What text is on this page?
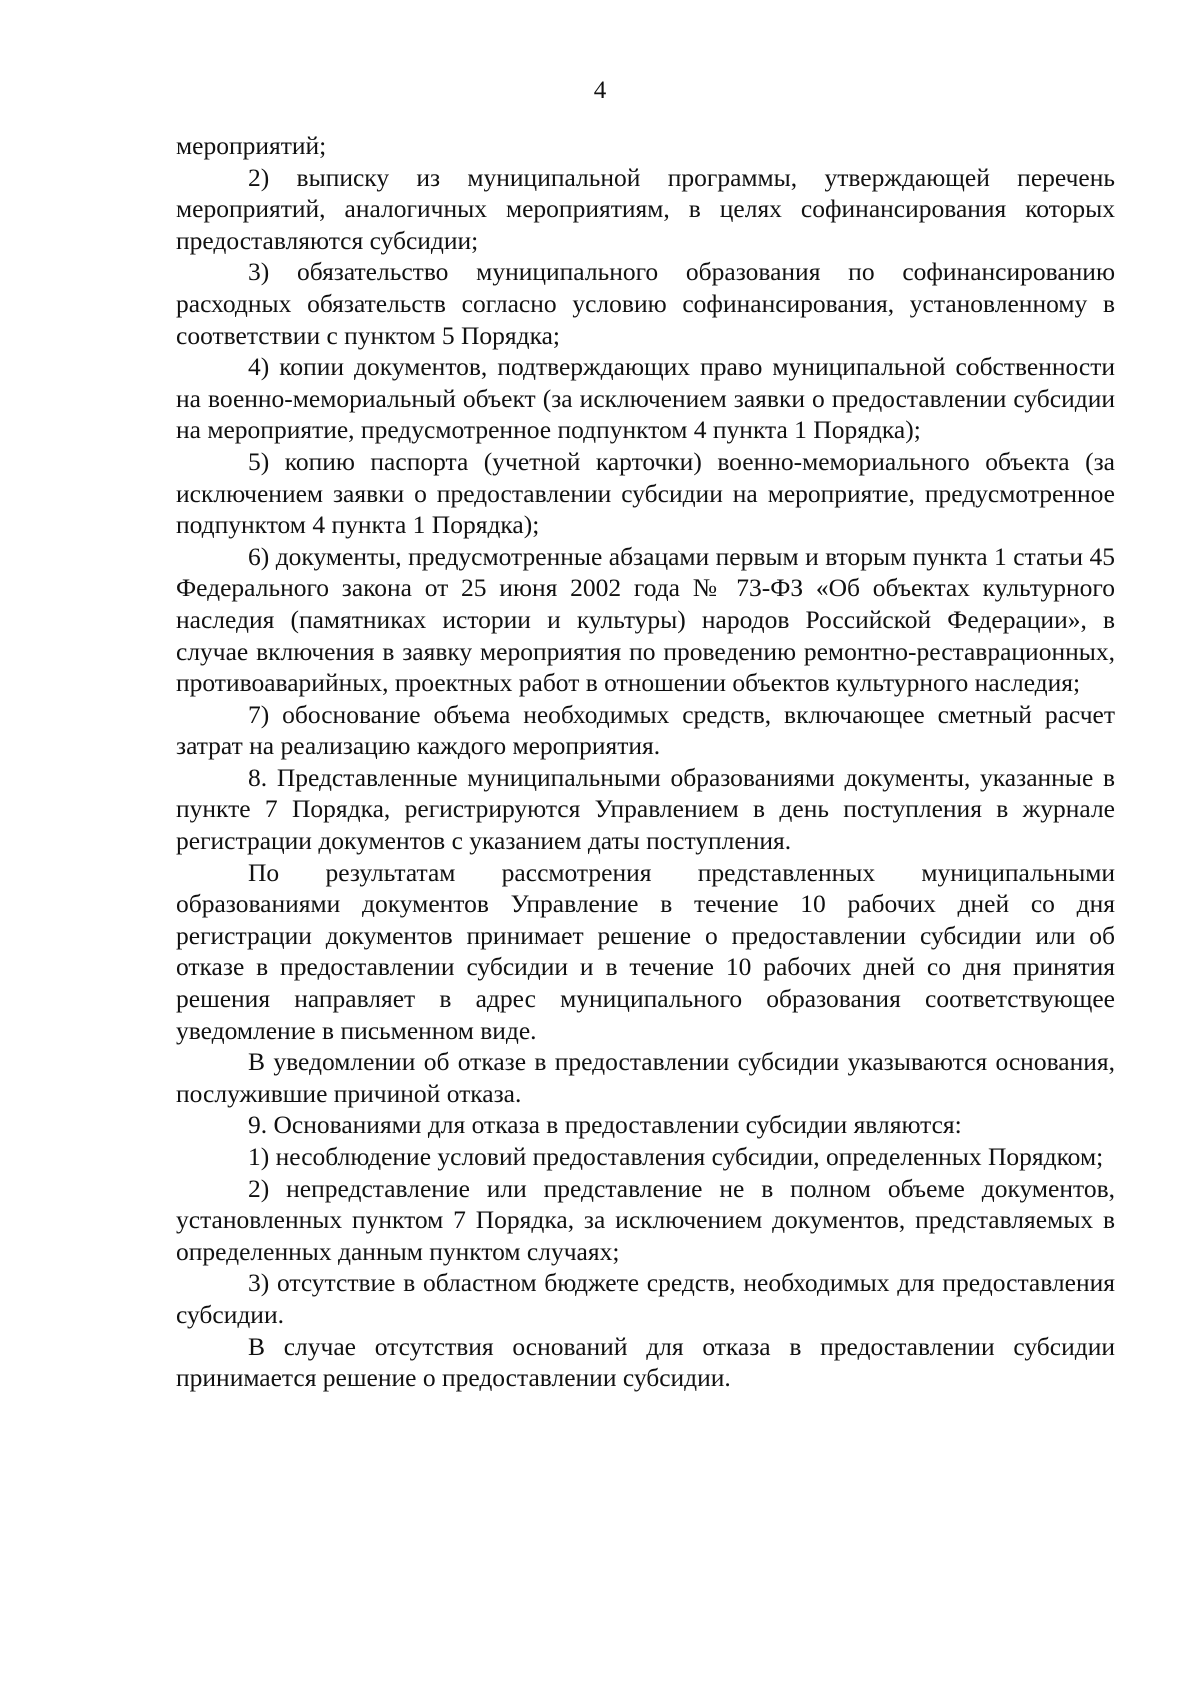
4

мероприятий;

2) выписку из муниципальной программы, утверждающей перечень мероприятий, аналогичных мероприятиям, в целях софинансирования которых предоставляются субсидии;

3) обязательство муниципального образования по софинансированию расходных обязательств согласно условию софинансирования, установленному в соответствии с пунктом 5 Порядка;

4) копии документов, подтверждающих право муниципальной собственности на военно-мемориальный объект (за исключением заявки о предоставлении субсидии на мероприятие, предусмотренное подпунктом 4 пункта 1 Порядка);

5) копию паспорта (учетной карточки) военно-мемориального объекта (за исключением заявки о предоставлении субсидии на мероприятие, предусмотренное подпунктом 4 пункта 1 Порядка);

6) документы, предусмотренные абзацами первым и вторым пункта 1 статьи 45 Федерального закона от 25 июня 2002 года № 73-ФЗ «Об объектах культурного наследия (памятниках истории и культуры) народов Российской Федерации», в случае включения в заявку мероприятия по проведению ремонтно-реставрационных, противоаварийных, проектных работ в отношении объектов культурного наследия;

7) обоснование объема необходимых средств, включающее сметный расчет затрат на реализацию каждого мероприятия.

8. Представленные муниципальными образованиями документы, указанные в пункте 7 Порядка, регистрируются Управлением в день поступления в журнале регистрации документов с указанием даты поступления.

По результатам рассмотрения представленных муниципальными образованиями документов Управление в течение 10 рабочих дней со дня регистрации документов принимает решение о предоставлении субсидии или об отказе в предоставлении субсидии и в течение 10 рабочих дней со дня принятия решения направляет в адрес муниципального образования соответствующее уведомление в письменном виде.

В уведомлении об отказе в предоставлении субсидии указываются основания, послужившие причиной отказа.

9. Основаниями для отказа в предоставлении субсидии являются:

1) несоблюдение условий предоставления субсидии, определенных Порядком;

2) непредставление или представление не в полном объеме документов, установленных пунктом 7 Порядка, за исключением документов, представляемых в определенных данным пунктом случаях;

3) отсутствие в областном бюджете средств, необходимых для предоставления субсидии.

В случае отсутствия оснований для отказа в предоставлении субсидии принимается решение о предоставлении субсидии.
